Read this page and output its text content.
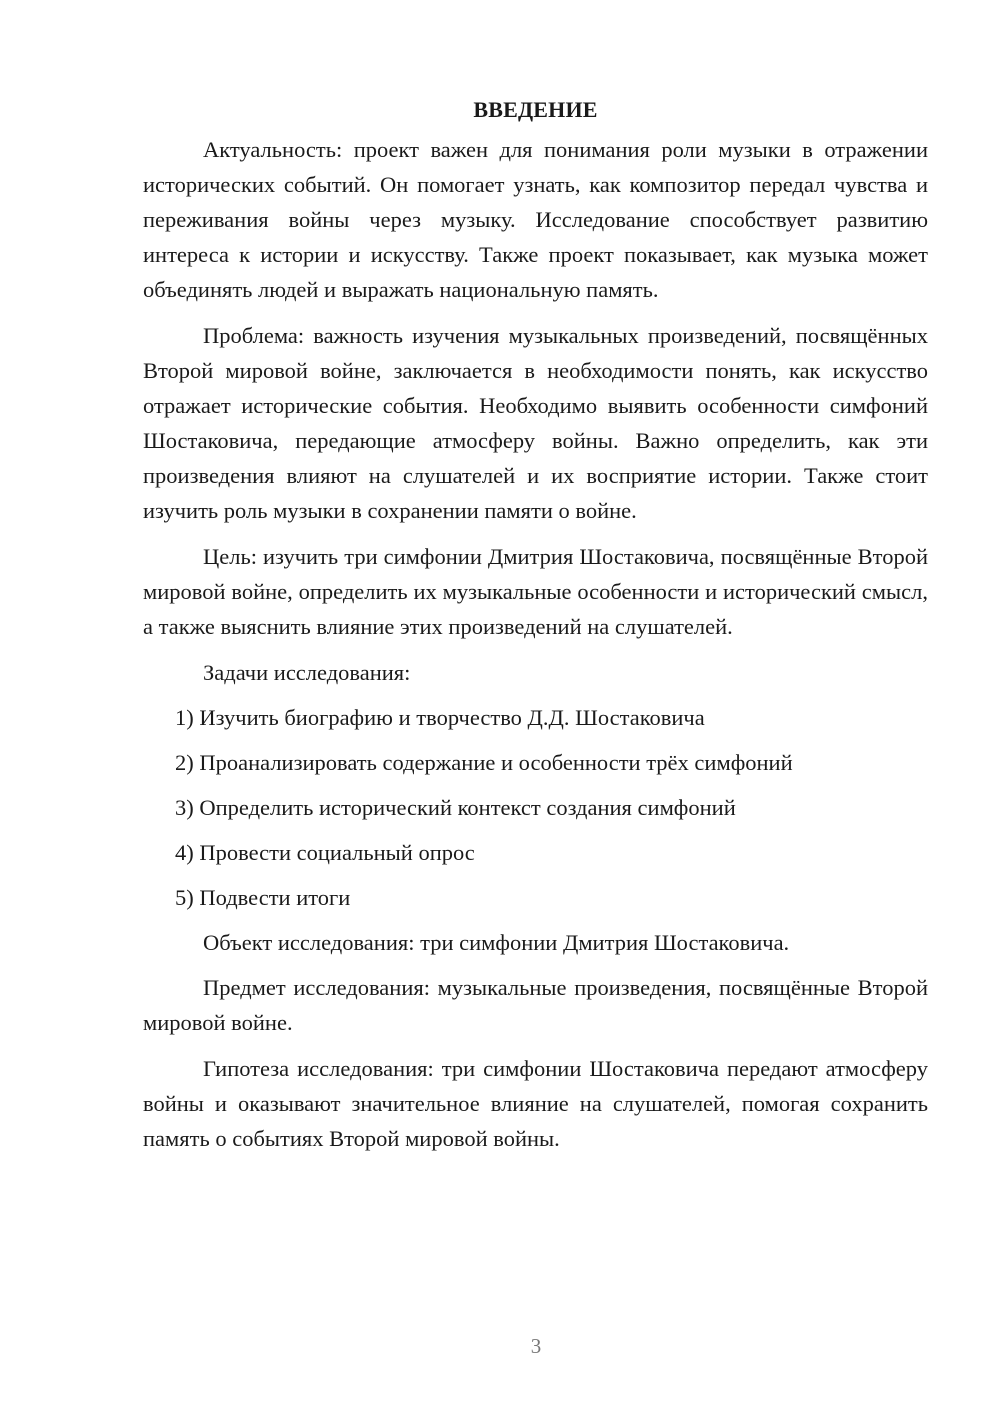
ВВЕДЕНИЕ

Актуальность: проект важен для понимания роли музыки в отражении исторических событий. Он помогает узнать, как композитор передал чувства и переживания войны через музыку. Исследование способствует развитию интереса к истории и искусству. Также проект показывает, как музыка может объединять людей и выражать национальную память.

Проблема: важность изучения музыкальных произведений, посвящённых Второй мировой войне, заключается в необходимости понять, как искусство отражает исторические события. Необходимо выявить особенности симфоний Шостаковича, передающие атмосферу войны. Важно определить, как эти произведения влияют на слушателей и их восприятие истории. Также стоит изучить роль музыки в сохранении памяти о войне.

Цель: изучить три симфонии Дмитрия Шостаковича, посвящённые Второй мировой войне, определить их музыкальные особенности и исторический смысл, а также выяснить влияние этих произведений на слушателей.

Задачи исследования:

1) Изучить биографию и творчество Д.Д. Шостаковича
2) Проанализировать содержание и особенности трёх симфоний
3) Определить исторический контекст создания симфоний
4) Провести социальный опрос
5) Подвести итоги

Объект исследования: три симфонии Дмитрия Шостаковича.

Предмет исследования: музыкальные произведения, посвящённые Второй мировой войне.

Гипотеза исследования: три симфонии Шостаковича передают атмосферу войны и оказывают значительное влияние на слушателей, помогая сохранить память о событиях Второй мировой войны.

3
